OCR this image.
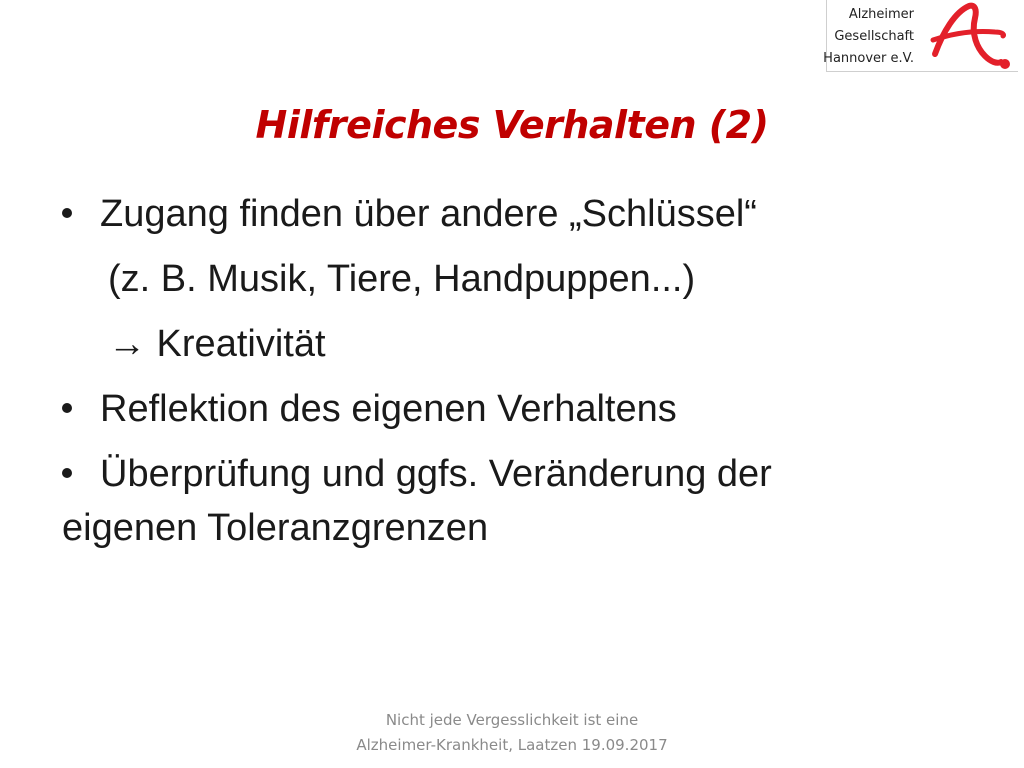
Alzheimer
Gesellschaft
Hannover e.V.
Hilfreiches Verhalten (2)
Zugang finden über andere „Schlüssel“
(z. B. Musik, Tiere, Handpuppen...)
→ Kreativität
Reflektion des eigenen Verhaltens
Überprüfung und ggfs. Veränderung der
eigenen Toleranzgrenzen
Nicht jede Vergesslichkeit ist eine
Alzheimer-Krankheit, Laatzen 19.09.2017
